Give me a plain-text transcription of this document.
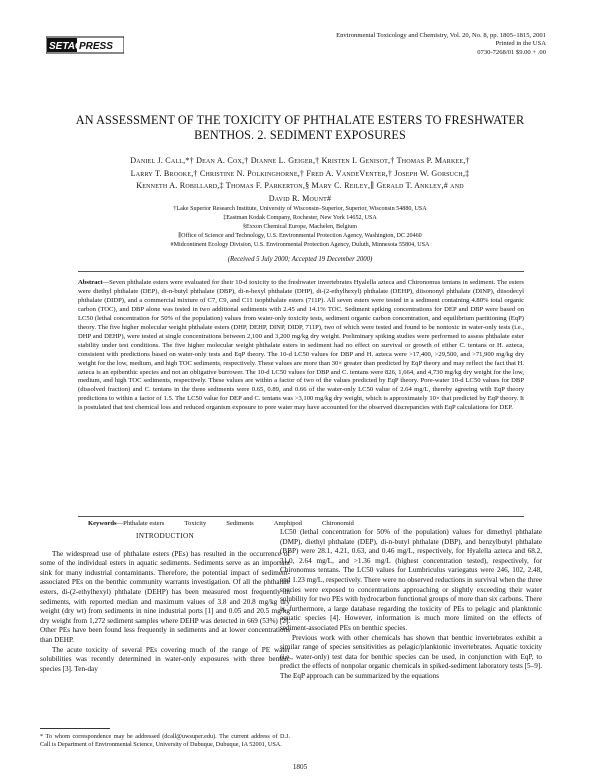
SETAC
PRESS
Environmental Toxicology and Chemistry, Vol. 20, No. 8, pp. 1805–1815, 2001
Printed in the USA
0730-7268/01 $9.00 + .00
AN ASSESSMENT OF THE TOXICITY OF PHTHALATE ESTERS TO FRESHWATER
BENTHOS. 2. SEDIMENT EXPOSURES
Daniel J. Call,*† Dean A. Cox,† Dianne L. Geiger,† Kristen I. Genisot,† Thomas P. Markee,†
Larry T. Brooke,† Christine N. Polkinghorne,† Fred A. VandeVenter,† Joseph W. Gorsuch,‡
Kenneth A. Robillard,‡ Thomas F. Parkerton,§ Mary C. Reiley,∥ Gerald T. Ankley,# and
David R. Mount#
†Lake Superior Research Institute, University of Wisconsin–Superior, Superior, Wisconsin 54880, USA
‡Eastman Kodak Company, Rochester, New York 14652, USA
§Exxon Chemical Europe, Machelen, Belgium
∥Office of Science and Technology, U.S. Environmental Protection Agency, Washington, DC 20460
#Midcontinent Ecology Division, U.S. Environmental Protection Agency, Duluth, Minnesota 55804, USA
(Received 5 July 2000; Accepted 19 December 2000)
Abstract—Seven phthalate esters were evaluated for their 10-d toxicity to the freshwater invertebrates Hyalella azteca and Chironomus tentans in sediment. The esters were diethyl phthalate (DEP), di-n-butyl phthalate (DBP), di-n-hexyl phthalate (DHP), di-(2-ethylhexyl) phthalate (DEHP), diisononyl phthalate (DINP), diisodecyl phthalate (DIDP), and a commercial mixture of C7, C9, and C11 isophthalate esters (711P). All seven esters were tested in a sediment containing 4.80% total organic carbon (TOC), and DBP alone was tested in two additional sediments with 2.45 and 14.1% TOC. Sediment spiking concentrations for DEP and DBP were based on LC50 (lethal concentration for 50% of the population) values from water-only toxicity tests, sediment organic carbon concentration, and equilibrium partitioning (EqP) theory. The five higher molecular weight phthalate esters (DHP, DEHP, DINP, DIDP, 711P), two of which were tested and found to be nontoxic in water-only tests (i.e., DHP and DEHP), were tested at single concentrations between 2,100 and 3,200 mg/kg dry weight. Preliminary spiking studies were performed to assess phthalate ester stability under test conditions. The five higher molecular weight phthalate esters in sediment had no effect on survival or growth of either C. tentans or H. azteca, consistent with predictions based on water-only tests and EqP theory. The 10-d LC50 values for DBP and H. azteca were >17,400, >29,500, and >71,900 mg/kg dry weight for the low, medium, and high TOC sediments, respectively. These values are more than 30× greater than predicted by EqP theory and may reflect the fact that H. azteca is an epibenthic species and not an obligative burrower. The 10-d LC50 values for DBP and C. tentans were 826, 1,664, and 4,730 mg/kg dry weight for the low, medium, and high TOC sediments, respectively. These values are within a factor of two of the values predicted by EqP theory. Pore-water 10-d LC50 values for DBP (dissolved fraction) and C. tentans in the three sediments were 0.65, 0.89, and 0.66 of the water-only LC50 value of 2.64 mg/L, thereby agreeing with EqP theory predictions to within a factor of 1.5. The LC50 value for DEP and C. tentans was >3,100 mg/kg dry weight, which is approximately 10× that predicted by EqP theory. It is postulated that test chemical loss and reduced organism exposure to pore water may have accounted for the observed discrepancies with EqP calculations for DEP.
Keywords—Phthalate esters	Toxicity	Sediments	Amphipod	Chironomid
INTRODUCTION

The widespread use of phthalate esters (PEs) has resulted in the occurrence of some of the individual esters in aquatic sediments. Sediments serve as an important sink for many industrial contaminants. Therefore, the potential impact of sediment-associated PEs on the benthic community warrants investigation. Of all the phthalate esters, di-(2-ethylhexyl) phthalate (DEHP) has been measured most frequently in sediments, with reported median and maximum values of 3.8 and 20.8 mg/kg dry weight (dry wt) from sediments in nine industrial ports [1] and 0.05 and 20.5 mg/kg dry weight from 1,272 sediment samples where DEHP was detected in 669 (53%) [2]. Other PEs have been found less frequently in sediments and at lower concentrations than DEHP.

The acute toxicity of several PEs covering much of the range of PE water solubilities was recently determined in water-only exposures with three benthic species [3]. Ten-day

LC50 (lethal concentration for 50% of the population) values for dimethyl phthalate (DMP), diethyl phthalate (DEP), di-n-butyl phthalate (DBP), and benzylbutyl phthalate (BBP) were 28.1, 4.21, 0.63, and 0.46 mg/L, respectively, for Hyalella azteca and 68.2, 31.0, 2.64 mg/L, and >1.36 mg/L (highest concentration tested), respectively, for Chironomus tentans. The LC50 values for Lumbriculus variegatus were 246, 102, 2.48, and 1.23 mg/L, respectively. There were no observed reductions in survival when the three species were exposed to concentrations approaching or slightly exceeding their water solubility for two PEs with hydrocarbon functional groups of more than six carbons. There is, furthermore, a large database regarding the toxicity of PEs to pelagic and planktonic aquatic species [4]. However, information is much more limited on the effects of sediment-associated PEs on benthic species.

Previous work with other chemicals has shown that benthic invertebrates exhibit a similar range of species sensitivities as pelagic/planktonic invertebrates. Aquatic toxicity (i.e., water-only) test data for benthic species can be used, in conjunction with EqP, to predict the effects of nonpolar organic chemicals in spiked-sediment laboratory tests [5–9]. The EqP approach can be summarized by the equations

* To whom correspondence may be addressed (dcall@uwsuper.edu). The current address of D.J. Call is Department of Environmental Science, University of Dubuque, Dubuque, IA 52001, USA.
1805
